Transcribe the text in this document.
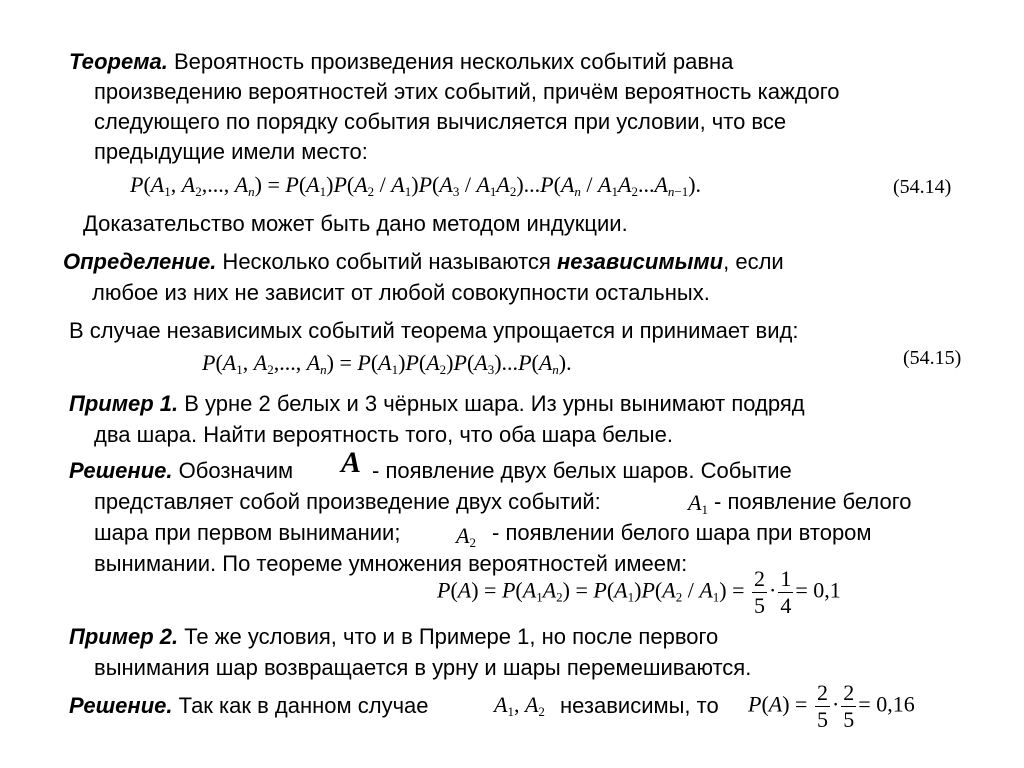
Теорема. Вероятность произведения нескольких событий равна
произведению вероятностей этих событий, причём вероятность каждого
следующего по порядку события вычисляется при условии, что все
предыдущие имели место:
$P(A_1$, $A_2$,..., $A_n) = P(A_1)P(A_2 / A_1)P(A_3 / A_1A_2)...P(A_n / A_1A_2...A_{n-1})$.	(54.14)
Доказательство может быть дано методом индукции.
Определение. Несколько событий называются независимыми, если
любое из них не зависит от любой совокупности остальных.
В случае независимых событий теорема упрощается и принимает вид:
$P(A_1$, $A_2$,..., $A_n) = P(A_1)P(A_2)P(A_3)...P(A_n)$.	(54.15)
Пример 1. В урне 2 белых и 3 чёрных шара. Из урны вынимают подряд
два шара. Найти вероятность того, что оба шара белые.
Решение. Обозначим A - появление двух белых шаров. Событие
представляет собой произведение двух событий:	$A_1$ - появление белого
шара при первом вынимании;	$A_2$ - появлении белого шара при втором
вынимании. По теореме умножения вероятностей имеем:
$P(A) = P(A_1A_2) = P(A_1)P(A_2 / A_1) = \frac{2}{5} \cdot \frac{1}{4} = 0,1$
Пример 2. Те же условия, что и в Примере 1, но после первого
вынимания шар возвращается в урну и шары перемешиваются.
Решение. Так как в данном случае	$A_1$, $A_2$ независимы, то $P(A) = \frac{2}{5} \cdot \frac{2}{5} = 0,16$
